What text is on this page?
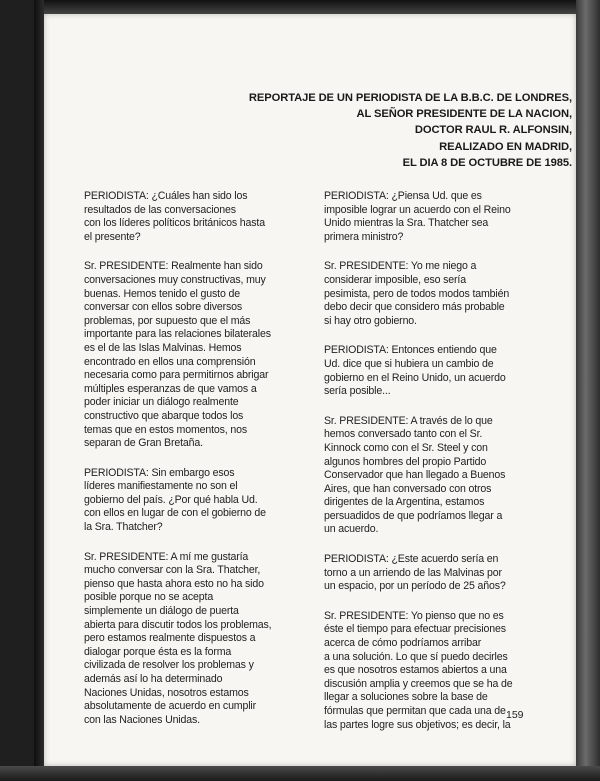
REPORTAJE DE UN PERIODISTA DE LA B.B.C. DE LONDRES,
AL SEÑOR PRESIDENTE DE LA NACION,
DOCTOR RAUL R. ALFONSIN,
REALIZADO EN MADRID,
EL DIA 8 DE OCTUBRE DE 1985.

PERIODISTA: ¿Cuáles han sido los
resultados de las conversaciones
con los líderes políticos británicos hasta
el presente?

Sr. PRESIDENTE: Realmente han sido
conversaciones muy constructivas, muy
buenas. Hemos tenido el gusto de
conversar con ellos sobre diversos
problemas, por supuesto que el más
importante para las relaciones bilaterales
es el de las Islas Malvinas. Hemos
encontrado en ellos una comprensión
necesaria como para permitirnos abrigar
múltiples esperanzas de que vamos a
poder iniciar un diálogo realmente
constructivo que abarque todos los
temas que en estos momentos, nos
separan de Gran Bretaña.

PERIODISTA: Sin embargo esos
líderes manifiestamente no son el
gobierno del país. ¿Por qué habla Ud.
con ellos en lugar de con el gobierno de
la Sra. Thatcher?

Sr. PRESIDENTE: A mí me gustaría
mucho conversar con la Sra. Thatcher,
pienso que hasta ahora esto no ha sido
posible porque no se acepta
simplemente un diálogo de puerta
abierta para discutir todos los problemas,
pero estamos realmente dispuestos a
dialogar porque ésta es la forma
civilizada de resolver los problemas y
además así lo ha determinado
Naciones Unidas, nosotros estamos
absolutamente de acuerdo en cumplir
con las Naciones Unidas.

PERIODISTA: ¿Piensa Ud. que es
imposible lograr un acuerdo con el Reino
Unido mientras la Sra. Thatcher sea
primera ministro?

Sr. PRESIDENTE: Yo me niego a
considerar imposible, eso sería
pesimista, pero de todos modos también
debo decir que considero más probable
si hay otro gobierno.

PERIODISTA: Entonces entiendo que
Ud. dice que si hubiera un cambio de
gobierno en el Reino Unido, un acuerdo
sería posible...

Sr. PRESIDENTE: A través de lo que
hemos conversado tanto con el Sr.
Kinnock como con el Sr. Steel y con
algunos hombres del propio Partido
Conservador que han llegado a Buenos
Aires, que han conversado con otros
dirigentes de la Argentina, estamos
persuadidos de que podríamos llegar a
un acuerdo.

PERIODISTA: ¿Este acuerdo sería en
torno a un arriendo de las Malvinas por
un espacio, por un período de 25 años?

Sr. PRESIDENTE: Yo pienso que no es
éste el tiempo para efectuar precisiones
acerca de cómo podríamos arribar
a una solución. Lo que sí puedo decirles
es que nosotros estamos abiertos a una
discusión amplia y creemos que se ha de
llegar a soluciones sobre la base de
fórmulas que permitan que cada una de
las partes logre sus objetivos; es decir, la

159
